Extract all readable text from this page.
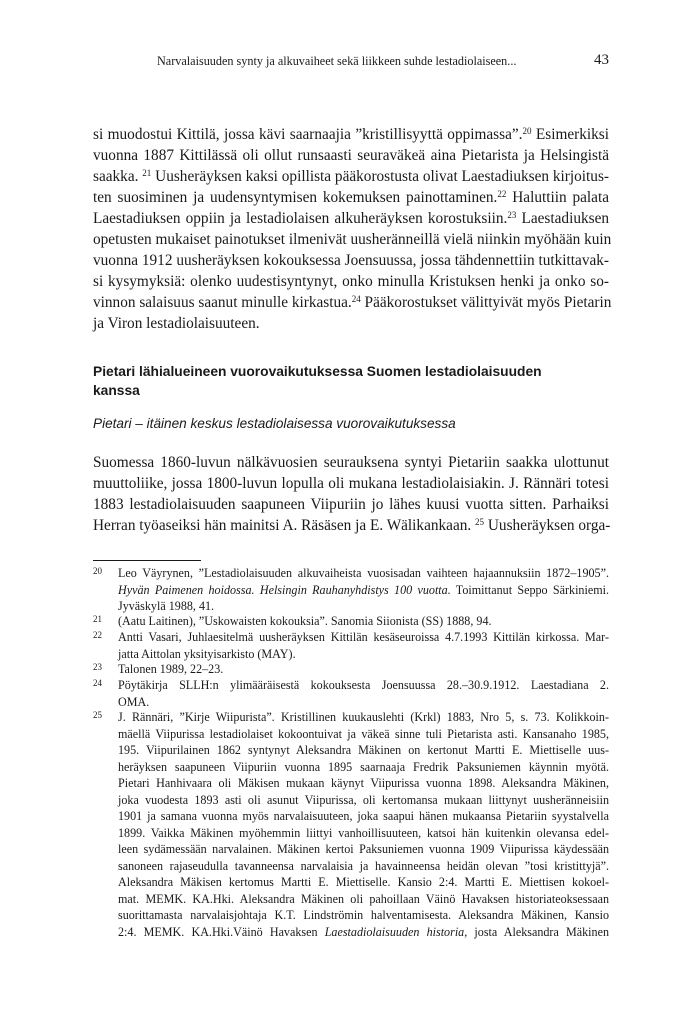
Narvalaisuuden synty ja alkuvaiheet sekä liikkeen suhde lestadiolaiseen...	43
si muodostui Kittilä, jossa kävi saarnaajia ”kristillisyyttä oppimassa”.$^{20}$ Esimerkiksi
vuonna 1887 Kittilässä oli ollut runsaasti seuraväkeä aina Pietarista ja Helsingistä
saakka. $^{21}$ Uusheräyksen kaksi opillista pääkorostusta olivat Laestadiuksen kirjoitus-
ten suosiminen ja uudensyntymisen kokemuksen painottaminen.$^{22}$ Haluttiin palata
Laestadiuksen oppiin ja lestadiolaisen alkuheräyksen korostuksiin.$^{23}$ Laestadiuksen
opetusten mukaiset painotukset ilmenivät uusheränneillä vielä niinkin myöhään kuin
vuonna 1912 uusheräyksen kokouksessa Joensuussa, jossa tähdennettiin tutkittavak-
si kysymyksiä: olenko uudestisyntynyt, onko minulla Kristuksen henki ja onko so-
vinnon salaisuus saanut minulle kirkastua.$^{24}$ Pääkorostukset välittyivät myös Pietarin
ja Viron lestadiolaisuuteen.
Pietari lähialueineen vuorovaikutuksessa Suomen lestadiolaisuuden
kanssa
Pietari – itäinen keskus lestadiolaisessa vuorovaikutuksessa
Suomessa 1860-luvun nälkävuosien seurauksena syntyi Pietariin saakka ulottunut
muuttoliike, jossa 1800-luvun lopulla oli mukana lestadiolaisiakin. J. Rännäri totesi
1883 lestadiolaisuuden saapuneen Viipuriin jo lähes kuusi vuotta sitten. Parhaiksi
Herran työaseiksi hän mainitsi A. Räsäsen ja E. Wälikankaan. $^{25}$ Uusheräyksen orga-
20 Leo Väyrynen, ”Lestadiolaisuuden alkuvaiheista vuosisadan vaihteen hajaannuksiin 1872–1905”.
Hyvän Paimenen hoidossa. Helsingin Rauhanyhdistys 100 vuotta. Toimittanut Seppo Särkiniemi.
Jyväskylä 1988, 41.
21 (Aatu Laitinen), ”Uskowaisten kokouksia”. Sanomia Siionista (SS) 1888, 94.
22 Antti Vasari, Juhlaesitelmä uusheräyksen Kittilän kesäseuroissa 4.7.1993 Kittilän kirkossa. Mar-
jatta Aittolan yksityisarkisto (MAY).
23 Talonen 1989, 22–23.
24 Pöytäkirja SLLH:n ylimääräisestä kokouksesta Joensuussa 28.–30.9.1912. Laestadiana 2.
OMA.
25 J. Rännäri, ”Kirje Wiipurista”. Kristillinen kuukauslehti (Krkl) 1883, Nro 5, s. 73. Kolikkoin-
mäellä Viipurissa lestadiolaiset kokoontuivat ja väkeä sinne tuli Pietarista asti. Kansanaho 1985,
195. Viipurilainen 1862 syntynyt Aleksandra Mäkinen on kertonut Martti E. Miettiselle uus-
heräyksen saapuneen Viipuriin vuonna 1895 saarnaaja Fredrik Paksuniemen käynnin myötä.
Pietari Hanhivaara oli Mäkisen mukaan käynyt Viipurissa vuonna 1898. Aleksandra Mäkinen,
joka vuodesta 1893 asti oli asunut Viipurissa, oli kertomansa mukaan liittynyt uusheränneisiin
1901 ja samana vuonna myös narvalaisuuteen, joka saapui hänen mukaansa Pietariin syystalvella
1899. Vaikka Mäkinen myöhemmin liittyi vanhoillisuuteen, katsoi hän kuitenkin olevansa edel-
leen sydämessään narvalainen. Mäkinen kertoi Paksuniemen vuonna 1909 Viipurissa käydessään
sanoneen rajaseudulla tavanneensa narvalaisia ja havainneensa heidän olevan ”tosi kristittyjä”.
Aleksandra Mäkisen kertomus Martti E. Miettiselle. Kansio 2:4. Martti E. Miettisen kokoel-
mat. MEMK. KA.Hki. Aleksandra Mäkinen oli pahoillaan Väinö Havaksen historiateoksessaan
suorittamasta narvalaisjohtaja K.T. Lindströmin halventamisesta. Aleksandra Mäkinen, Kansio
2:4. MEMK. KA.Hki.Väinö Havaksen Laestadiolaisuuden historia, josta Aleksandra Mäkinen
